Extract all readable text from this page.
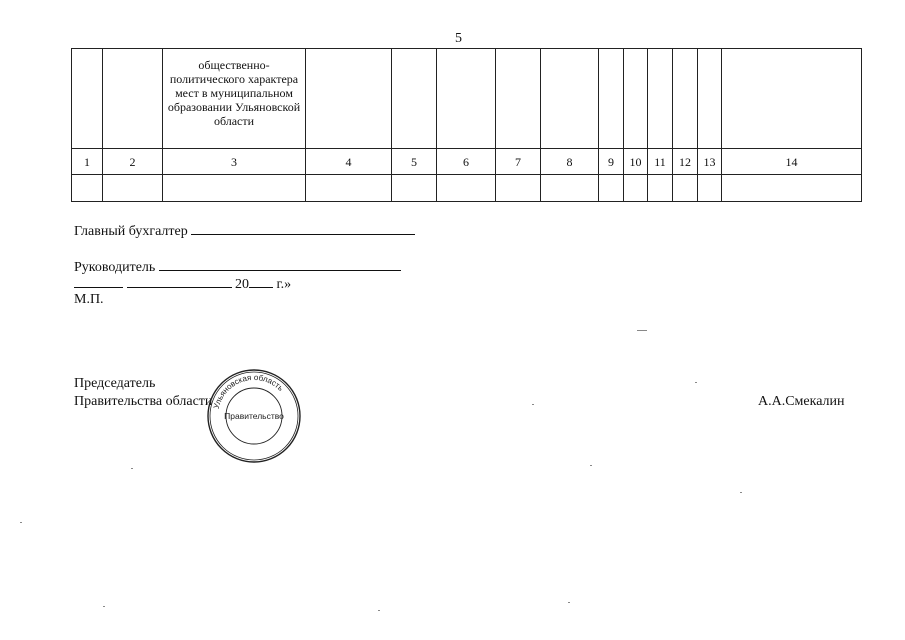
5

		общественно-политического характера мест в муниципальном образовании Ульяновской области											

1	2	3	4	5	6	7	8	9	10	11	12	13	14

Главный бухгалтер
Руководитель
20 г.»
М.П.
Председатель
Правительства области	А.А.Смекалин
Ульяновская область
Правительство
